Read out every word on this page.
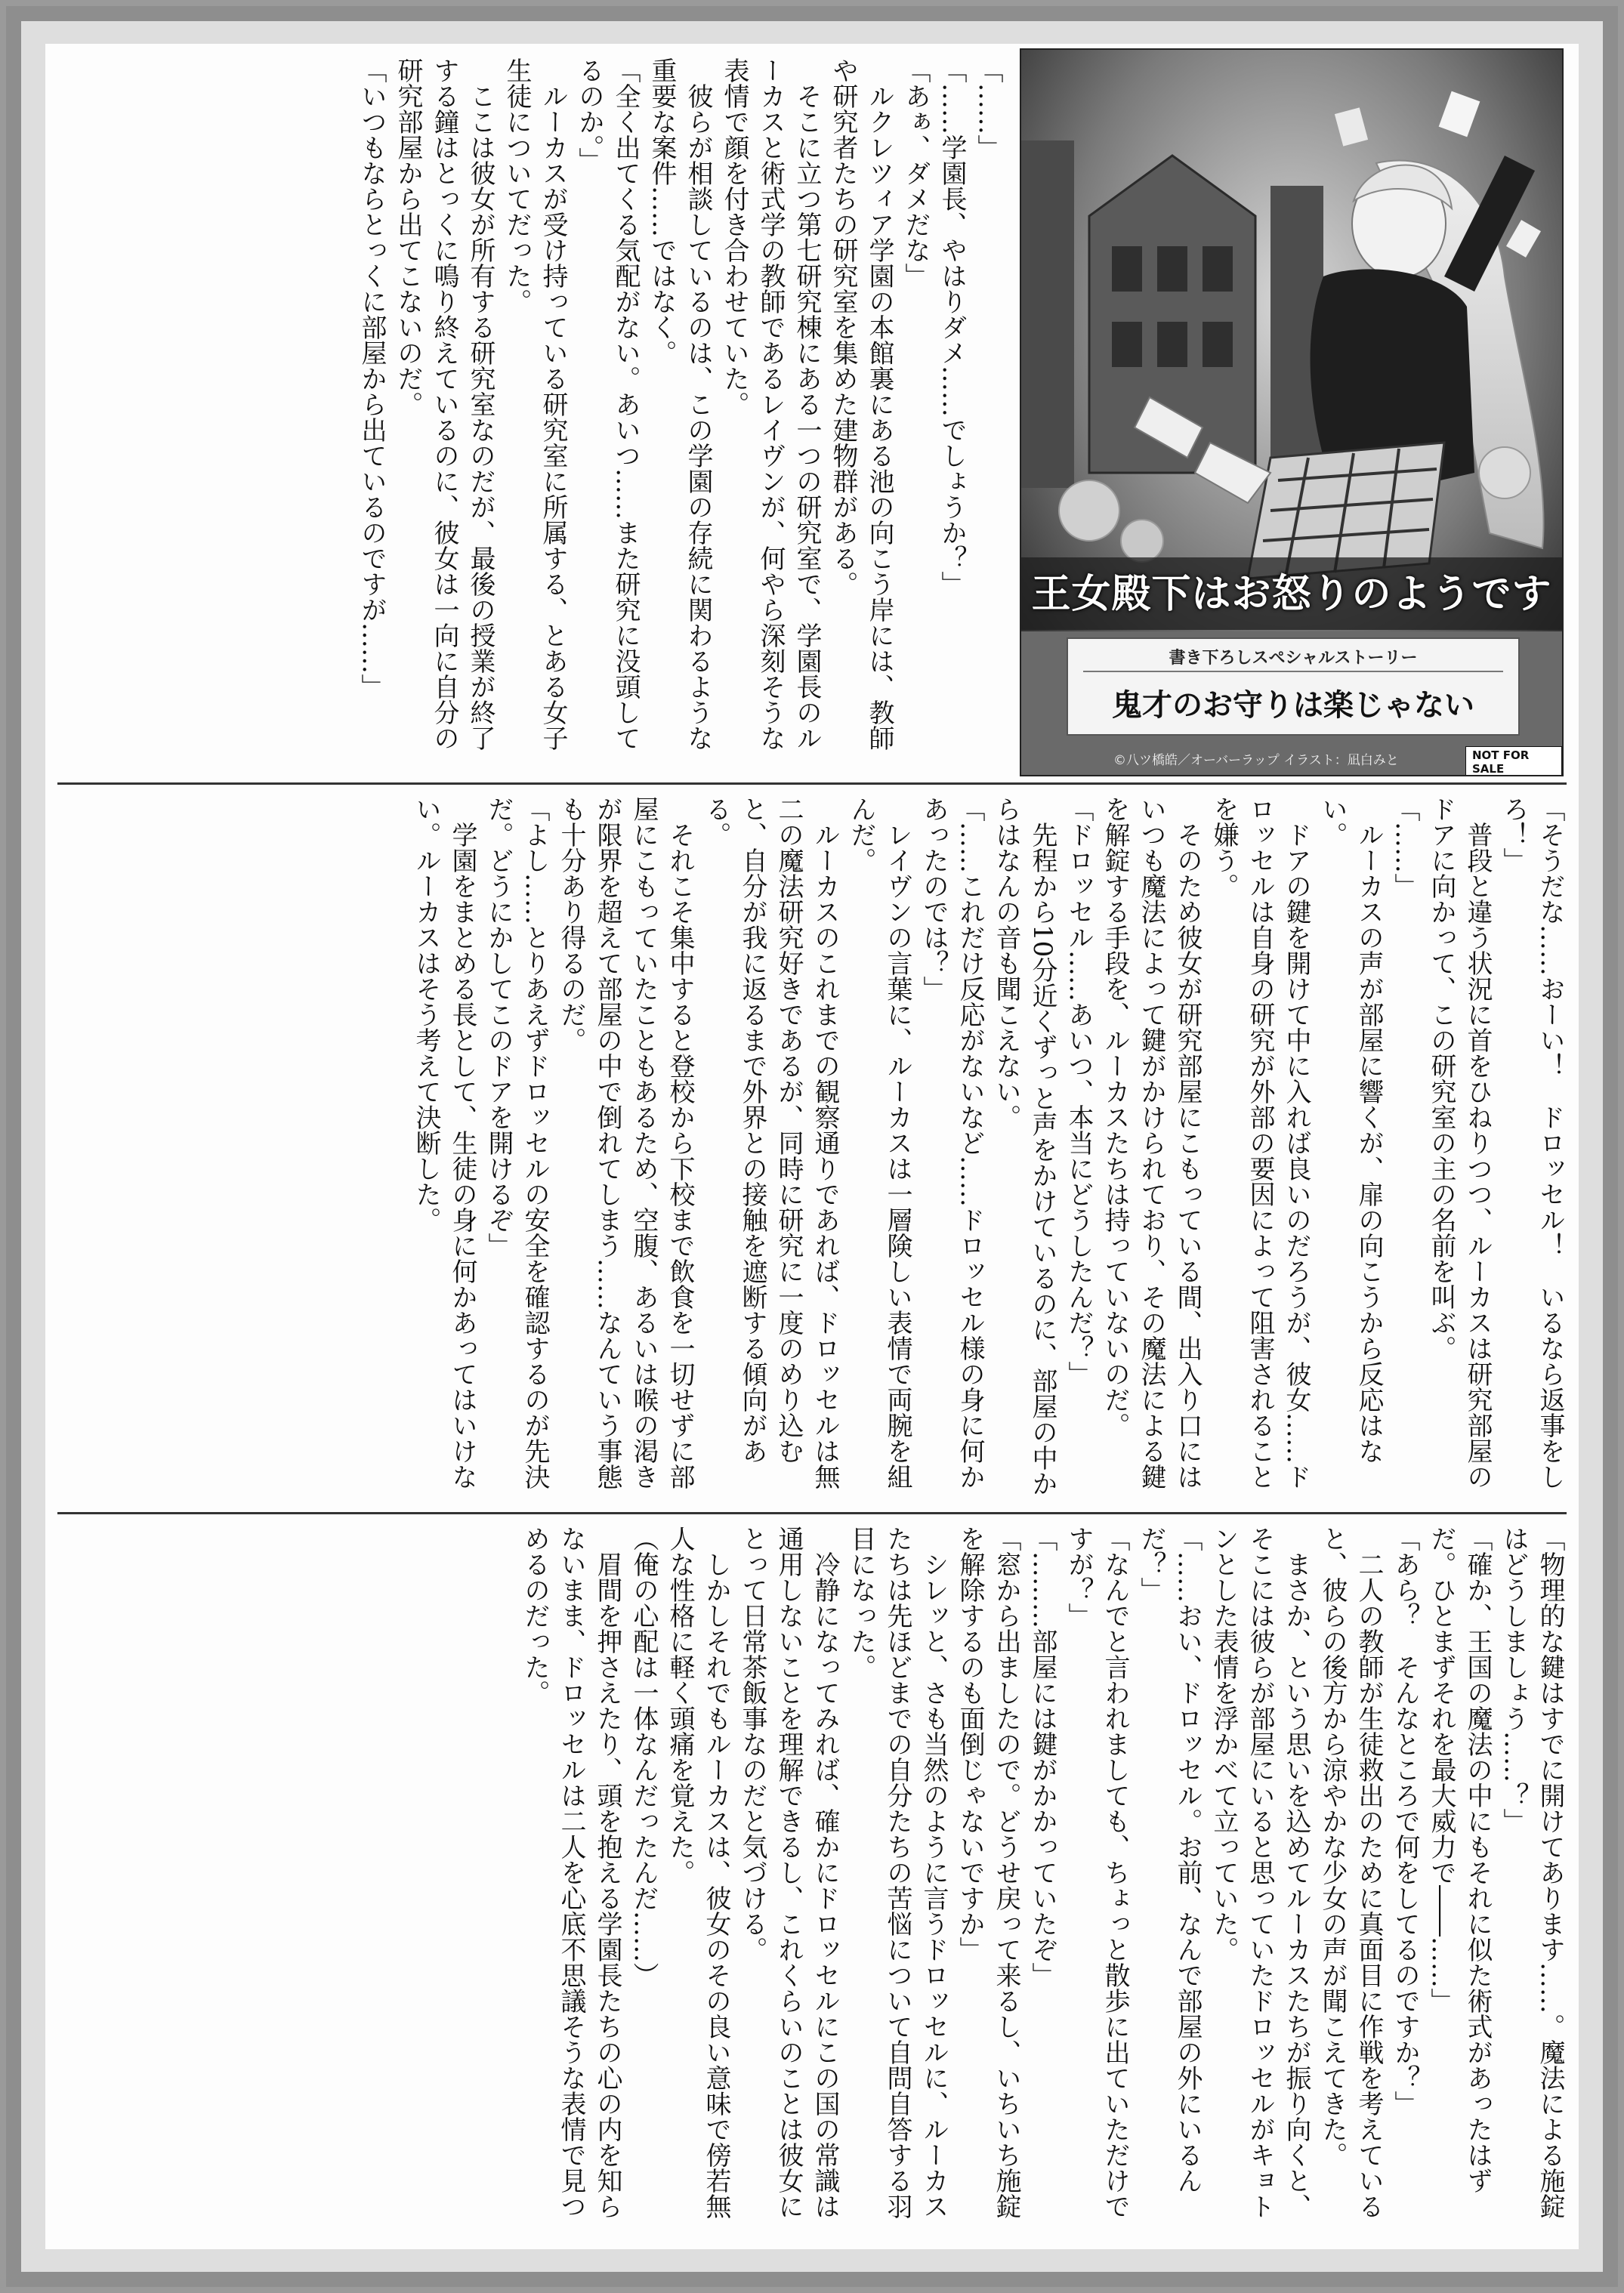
「……」
「……学園長、やはりダメ……でしょうか？」
「あぁ、ダメだな」
　ルクレツィア学園の本館裏にある池の向こう岸には、教師や研究者たちの研究室を集めた建物群がある。
　そこに立つ第七研究棟にある一つの研究室で、学園長のルーカスと術式学の教師であるレイヴンが、何やら深刻そうな表情で顔を付き合わせていた。
　彼らが相談しているのは、この学園の存続に関わるような重要な案件……ではなく。
「全く出てくる気配がない。あいつ……また研究に没頭してるのか。」
　ルーカスが受け持っている研究室に所属する、とある女子生徒についてだった。
　ここは彼女が所有する研究室なのだが、最後の授業が終了する鐘はとっくに鳴り終えているのに、彼女は一向に自分の研究部屋から出てこないのだ。
「いつもならとっくに部屋から出ているのですが……」	王女殿下はお怒りのようです
書き下ろしスペシャルストーリー
鬼才のお守りは楽じゃない
©八ツ橋皓／オーバーラップ イラスト：凪白みと	NOT FOR SALE
「そうだな……おーい！　ドロッセル！　いるなら返事をしろ！」
　普段と違う状況に首をひねりつつ、ルーカスは研究部屋のドアに向かって、この研究室の主の名前を叫ぶ。
「……」
　ルーカスの声が部屋に響くが、扉の向こうから反応はない。
　ドアの鍵を開けて中に入れば良いのだろうが、彼女……ドロッセルは自身の研究が外部の要因によって阻害されることを嫌う。
　そのため彼女が研究部屋にこもっている間、出入り口にはいつも魔法によって鍵がかけられており、その魔法による鍵を解錠する手段を、ルーカスたちは持っていないのだ。
「ドロッセル……あいつ、本当にどうしたんだ？」
　先程から10分近くずっと声をかけているのに、部屋の中からはなんの音も聞こえない。
「……これだけ反応がないなど……ドロッセル様の身に何かあったのでは？」
　レイヴンの言葉に、ルーカスは一層険しい表情で両腕を組んだ。
　ルーカスのこれまでの観察通りであれば、ドロッセルは無二の魔法研究好きであるが、同時に研究に一度のめり込むと、自分が我に返るまで外界との接触を遮断する傾向がある。
　それこそ集中すると登校から下校まで飲食を一切せずに部屋にこもっていたこともあるため、空腹、あるいは喉の渇きが限界を超えて部屋の中で倒れてしまう……なんていう事態も十分あり得るのだ。
「よし……とりあえずドロッセルの安全を確認するのが先決だ。どうにかしてこのドアを開けるぞ」
　学園をまとめる長として、生徒の身に何かあってはいけない。ルーカスはそう考えて決断した。
「物理的な鍵はすでに開けてあります……。魔法による施錠はどうしましょう……？」
「確か、王国の魔法の中にもそれに似た術式があったはずだ。ひとまずそれを最大威力で――……」
「あら？　そんなところで何をしてるのですか？」
　二人の教師が生徒救出のために真面目に作戦を考えていると、彼らの後方から涼やかな少女の声が聞こえてきた。
　まさか、という思いを込めてルーカスたちが振り向くと、そこには彼らが部屋にいると思っていたドロッセルがキョトンとした表情を浮かべて立っていた。
「……おい、ドロッセル。お前、なんで部屋の外にいるんだ？」
「なんでと言われましても、ちょっと散歩に出ていただけですが？」
「………部屋には鍵がかかっていたぞ」
「窓から出ましたので。どうせ戻って来るし、いちいち施錠を解除するのも面倒じゃないですか」
　シレッと、さも当然のように言うドロッセルに、ルーカスたちは先ほどまでの自分たちの苦悩について自問自答する羽目になった。
　冷静になってみれば、確かにドロッセルにこの国の常識は通用しないことを理解できるし、これくらいのことは彼女にとって日常茶飯事なのだと気づける。
　しかしそれでもルーカスは、彼女のその良い意味で傍若無人な性格に軽く頭痛を覚えた。
（俺の心配は一体なんだったんだ……）
　眉間を押さえたり、頭を抱える学園長たちの心の内を知らないまま、ドロッセルは二人を心底不思議そうな表情で見つめるのだった。
